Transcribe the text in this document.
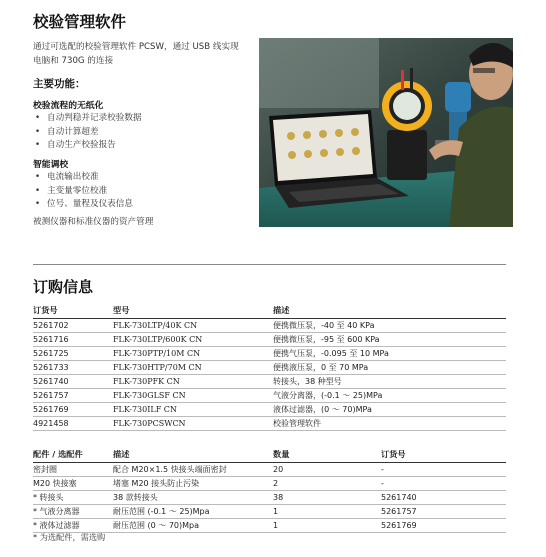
校验管理软件
通过可选配的校验管理软件 PCSW，通过 USB 线实现电脑和 730G 的连接
主要功能：
校验流程的无纸化
• 自动判稳并记录校验数据
• 自动计算超差
• 自动生产校验报告
智能调校
• 电流输出校准
• 主变量零位校准
• 位号、量程及仪表信息
被测仪器和标准仪器的资产管理
订购信息
订货号	型号	描述
5261702	FLK-730LTP/40K CN	便携微压泵，-40 至 40 KPa
5261716	FLK-730LTP/600K CN	便携微压泵，-95 至 600 KPa
5261725	FLK-730PTP/10M CN	便携气压泵，-0.095 至 10 MPa
5261733	FLK-730HTP/70M CN	便携液压泵，0 至 70 MPa
5261740	FLK-730PFK CN	转接头，38 种型号
5261757	FLK-730GLSF CN	气液分离器，(-0.1 ～ 25)MPa
5261769	FLK-730ILF CN	液体过滤器，(0 ～ 70)MPa
4921458	FLK-730PCSWCN	校验管理软件
配件 / 选配件	描述	数量	订货号
密封圈	配合 M20×1.5 快接头端面密封	20	-
M20 快接塞	堵塞 M20 接头防止污染	2	-
* 转接头	38 款转接头	38	5261740
* 气液分离器	耐压范围 (-0.1 ～ 25)Mpa	1	5261757
* 液体过滤器	耐压范围 (0 ～ 70)Mpa	1	5261769
* 为选配件，需选购
